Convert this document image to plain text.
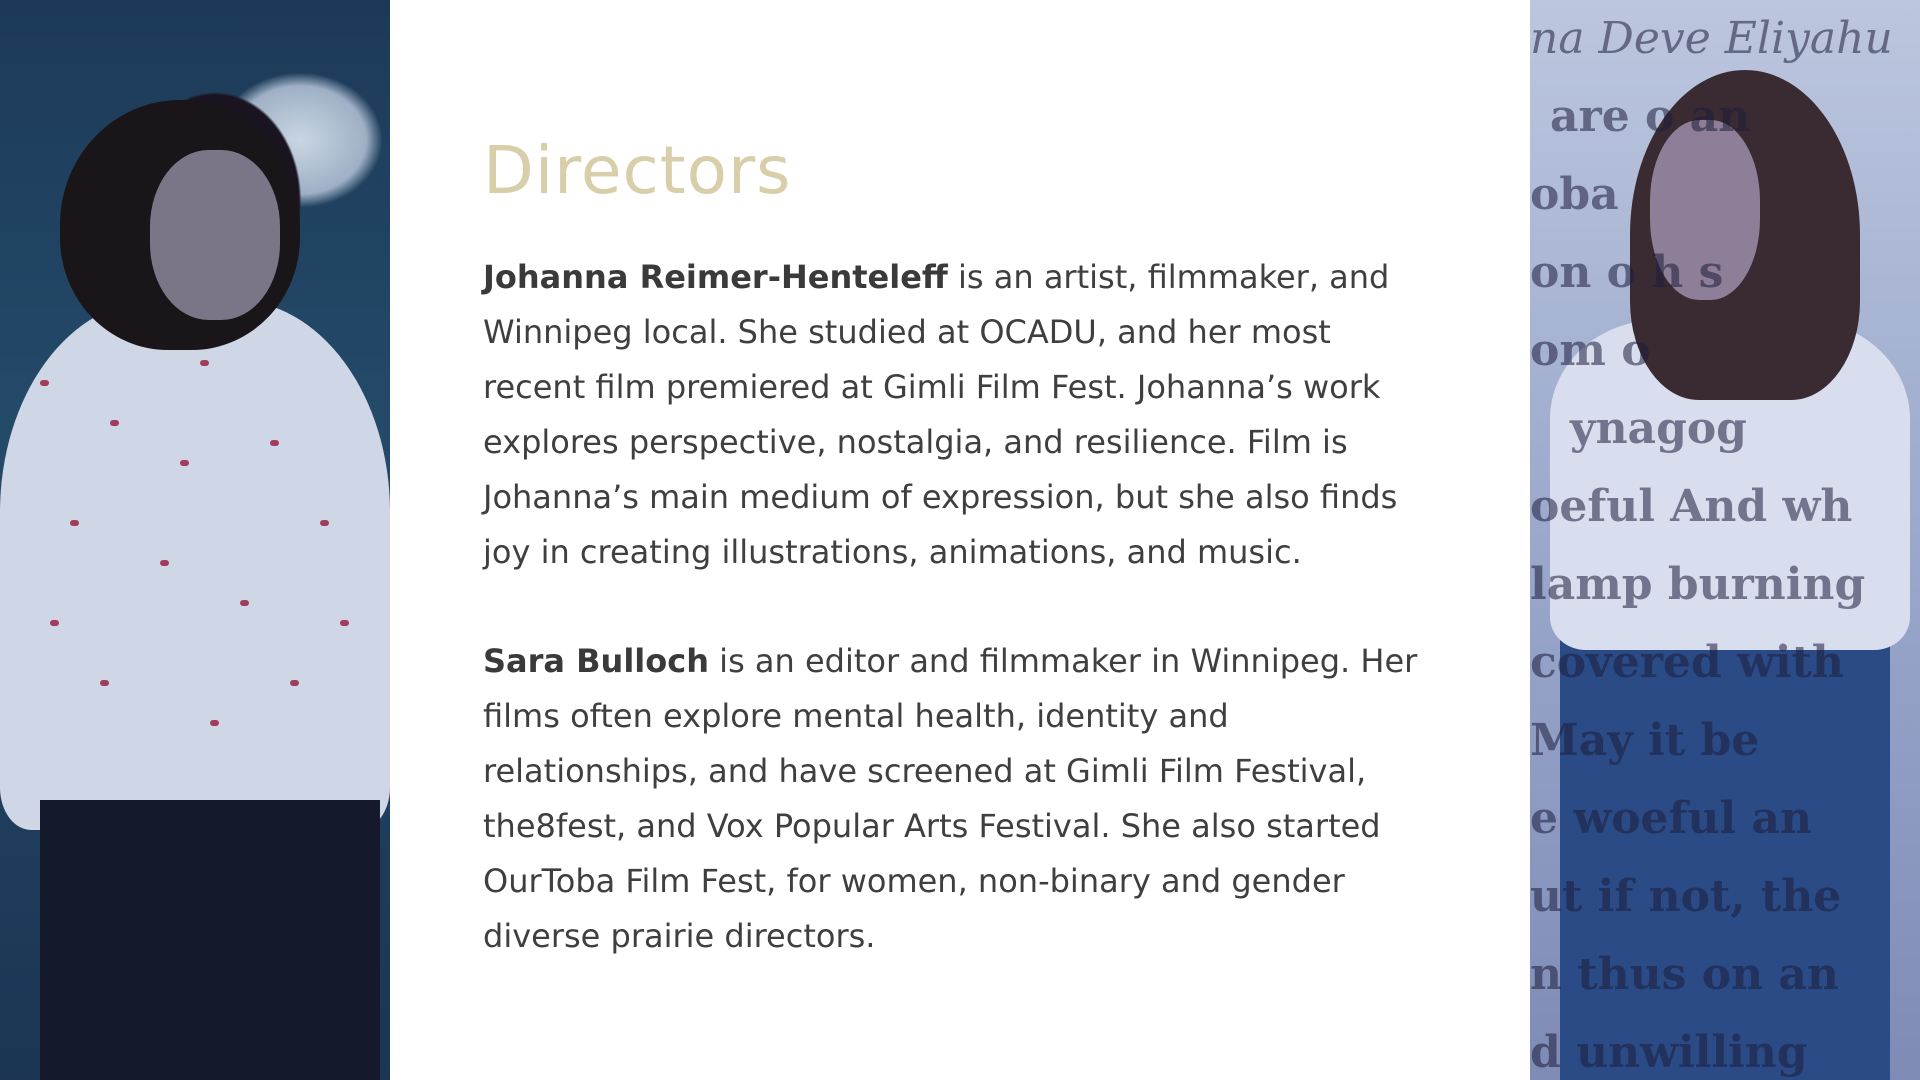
na Deve Eliyahu
are o an
oba
on o h s
om o
ynagog
oeful And wh
lamp burning
covered with
May it be
e woeful an
ut if not, the
n thus on an
d unwilling
Directors

Johanna Reimer-Henteleff is an artist, filmmaker, and Winnipeg local. She studied at OCADU, and her most recent film premiered at Gimli Film Fest. Johanna’s work explores perspective, nostalgia, and resilience. Film is Johanna’s main medium of expression, but she also finds joy in creating illustrations, animations, and music.

Sara Bulloch is an editor and filmmaker in Winnipeg. Her films often explore mental health, identity and relationships, and have screened at Gimli Film Festival, the8fest, and Vox Popular Arts Festival. She also started OurToba Film Fest, for women, non-binary and gender diverse prairie directors.
